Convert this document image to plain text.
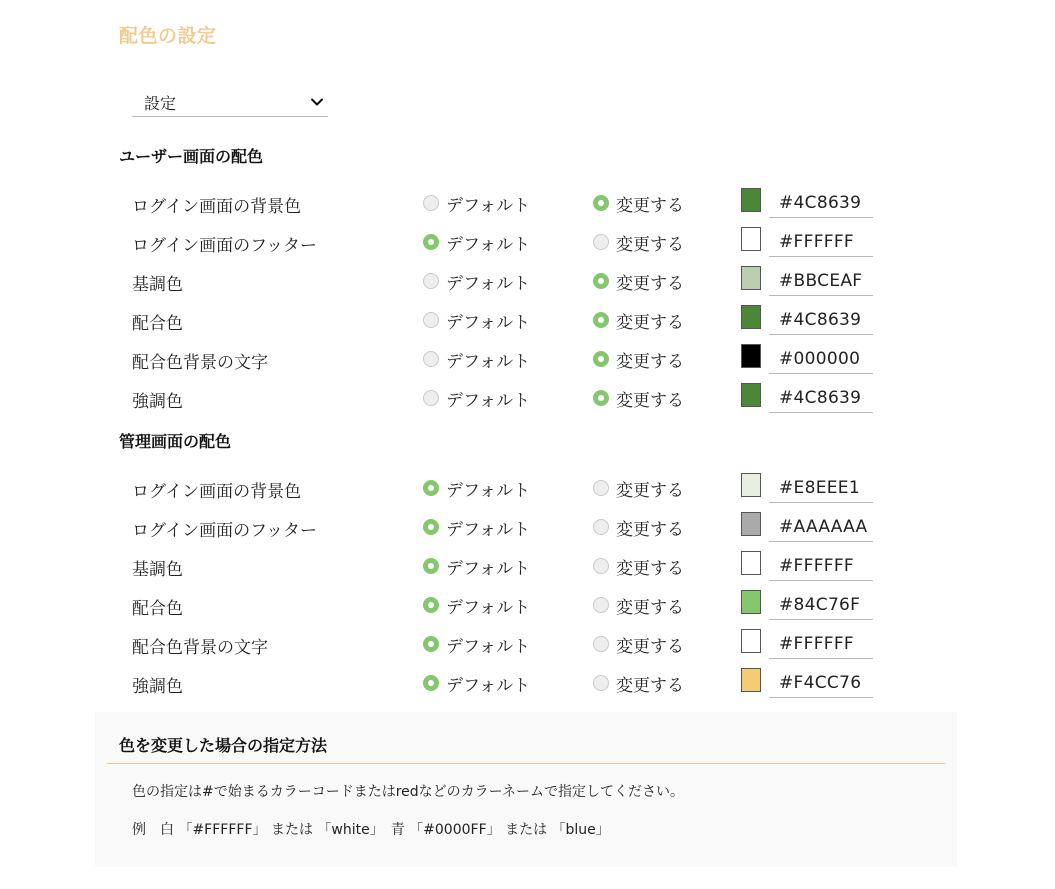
配色の設定
設定
ユーザー画面の配色
ログイン画面の背景色	デフォルト	変更する	#4C8639
ログイン画面のフッター	デフォルト	変更する	#FFFFFF
基調色	デフォルト	変更する	#BBCEAF
配合色	デフォルト	変更する	#4C8639
配合色背景の文字	デフォルト	変更する	#000000
強調色	デフォルト	変更する	#4C8639
管理画面の配色
ログイン画面の背景色	デフォルト	変更する	#E8EEE1
ログイン画面のフッター	デフォルト	変更する	#AAAAAA
基調色	デフォルト	変更する	#FFFFFF
配合色	デフォルト	変更する	#84C76F
配合色背景の文字	デフォルト	変更する	#FFFFFF
強調色	デフォルト	変更する	#F4CC76
色を変更した場合の指定方法
色の指定は#で始まるカラーコードまたはredなどのカラーネームで指定してください。
例　白 「#FFFFFF」 または 「white」　青 「#0000FF」 または 「blue」
